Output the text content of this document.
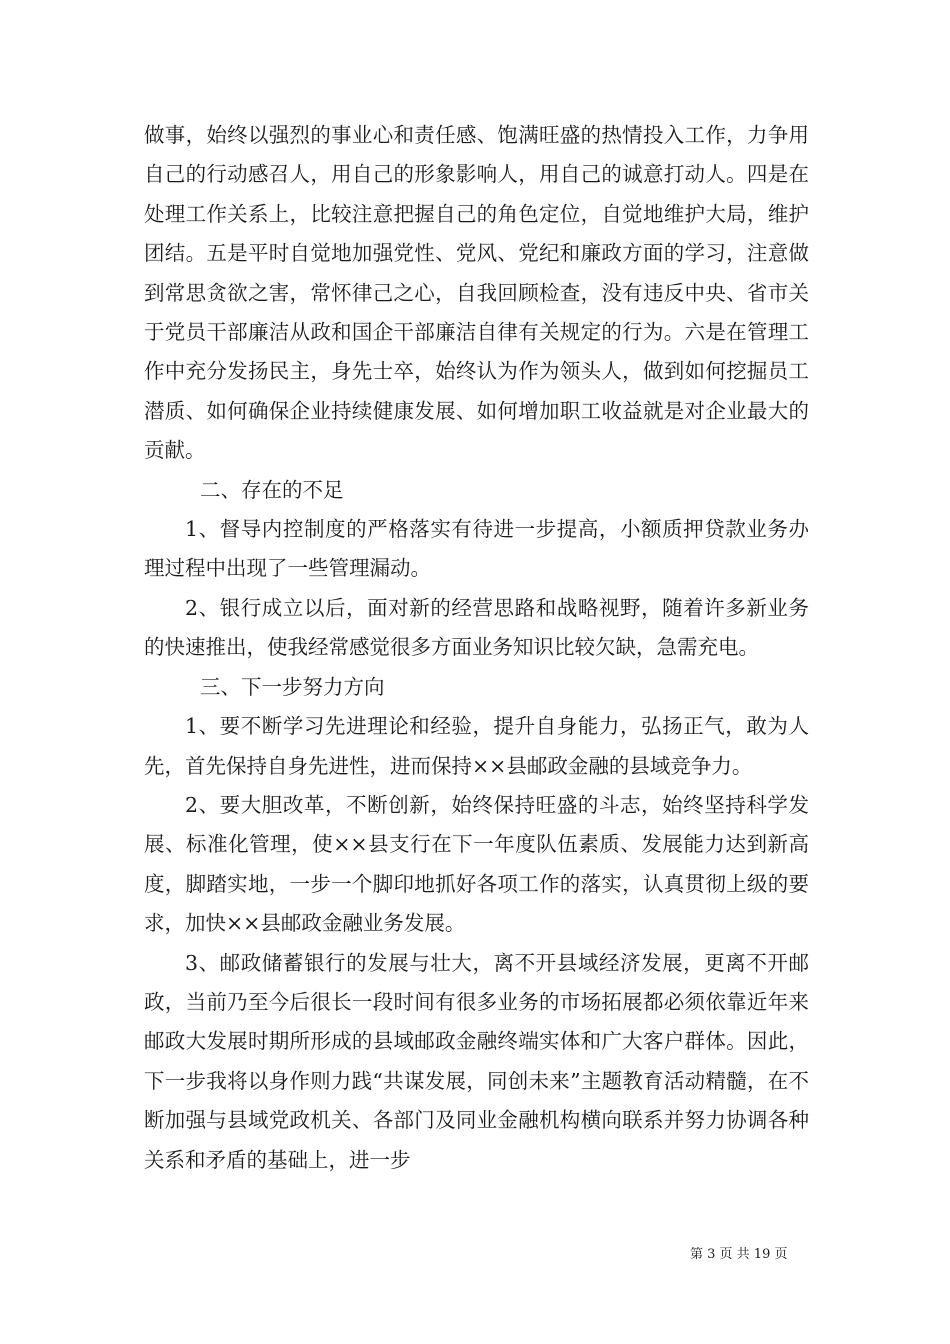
做事，始终以强烈的事业心和责任感、饱满旺盛的热情投入工作，力争用自己的行动感召人，用自己的形象影响人，用自己的诚意打动人。四是在处理工作关系上，比较注意把握自己的角色定位，自觉地维护大局，维护团结。五是平时自觉地加强党性、党风、党纪和廉政方面的学习，注意做到常思贪欲之害，常怀律己之心，自我回顾检查，没有违反中央、省市关于党员干部廉洁从政和国企干部廉洁自律有关规定的行为。六是在管理工作中充分发扬民主，身先士卒，始终认为作为领头人，做到如何挖掘员工潜质、如何确保企业持续健康发展、如何增加职工收益就是对企业最大的贡献。

二、存在的不足

1、督导内控制度的严格落实有待进一步提高，小额质押贷款业务办理过程中出现了一些管理漏动。

2、银行成立以后，面对新的经营思路和战略视野，随着许多新业务的快速推出，使我经常感觉很多方面业务知识比较欠缺，急需充电。

三、下一步努力方向

1、要不断学习先进理论和经验，提升自身能力，弘扬正气，敢为人先，首先保持自身先进性，进而保持××县邮政金融的县域竞争力。

2、要大胆改革，不断创新，始终保持旺盛的斗志，始终坚持科学发展、标准化管理，使××县支行在下一年度队伍素质、发展能力达到新高度，脚踏实地，一步一个脚印地抓好各项工作的落实，认真贯彻上级的要求，加快××县邮政金融业务发展。

3、邮政储蓄银行的发展与壮大，离不开县域经济发展，更离不开邮政，当前乃至今后很长一段时间有很多业务的市场拓展都必须依靠近年来邮政大发展时期所形成的县域邮政金融终端实体和广大客户群体。因此，下一步我将以身作则力践“共谋发展，同创未来”主题教育活动精髓，在不断加强与县域党政机关、各部门及同业金融机构横向联系并努力协调各种关系和矛盾的基础上，进一步

第 3 页 共 19 页
